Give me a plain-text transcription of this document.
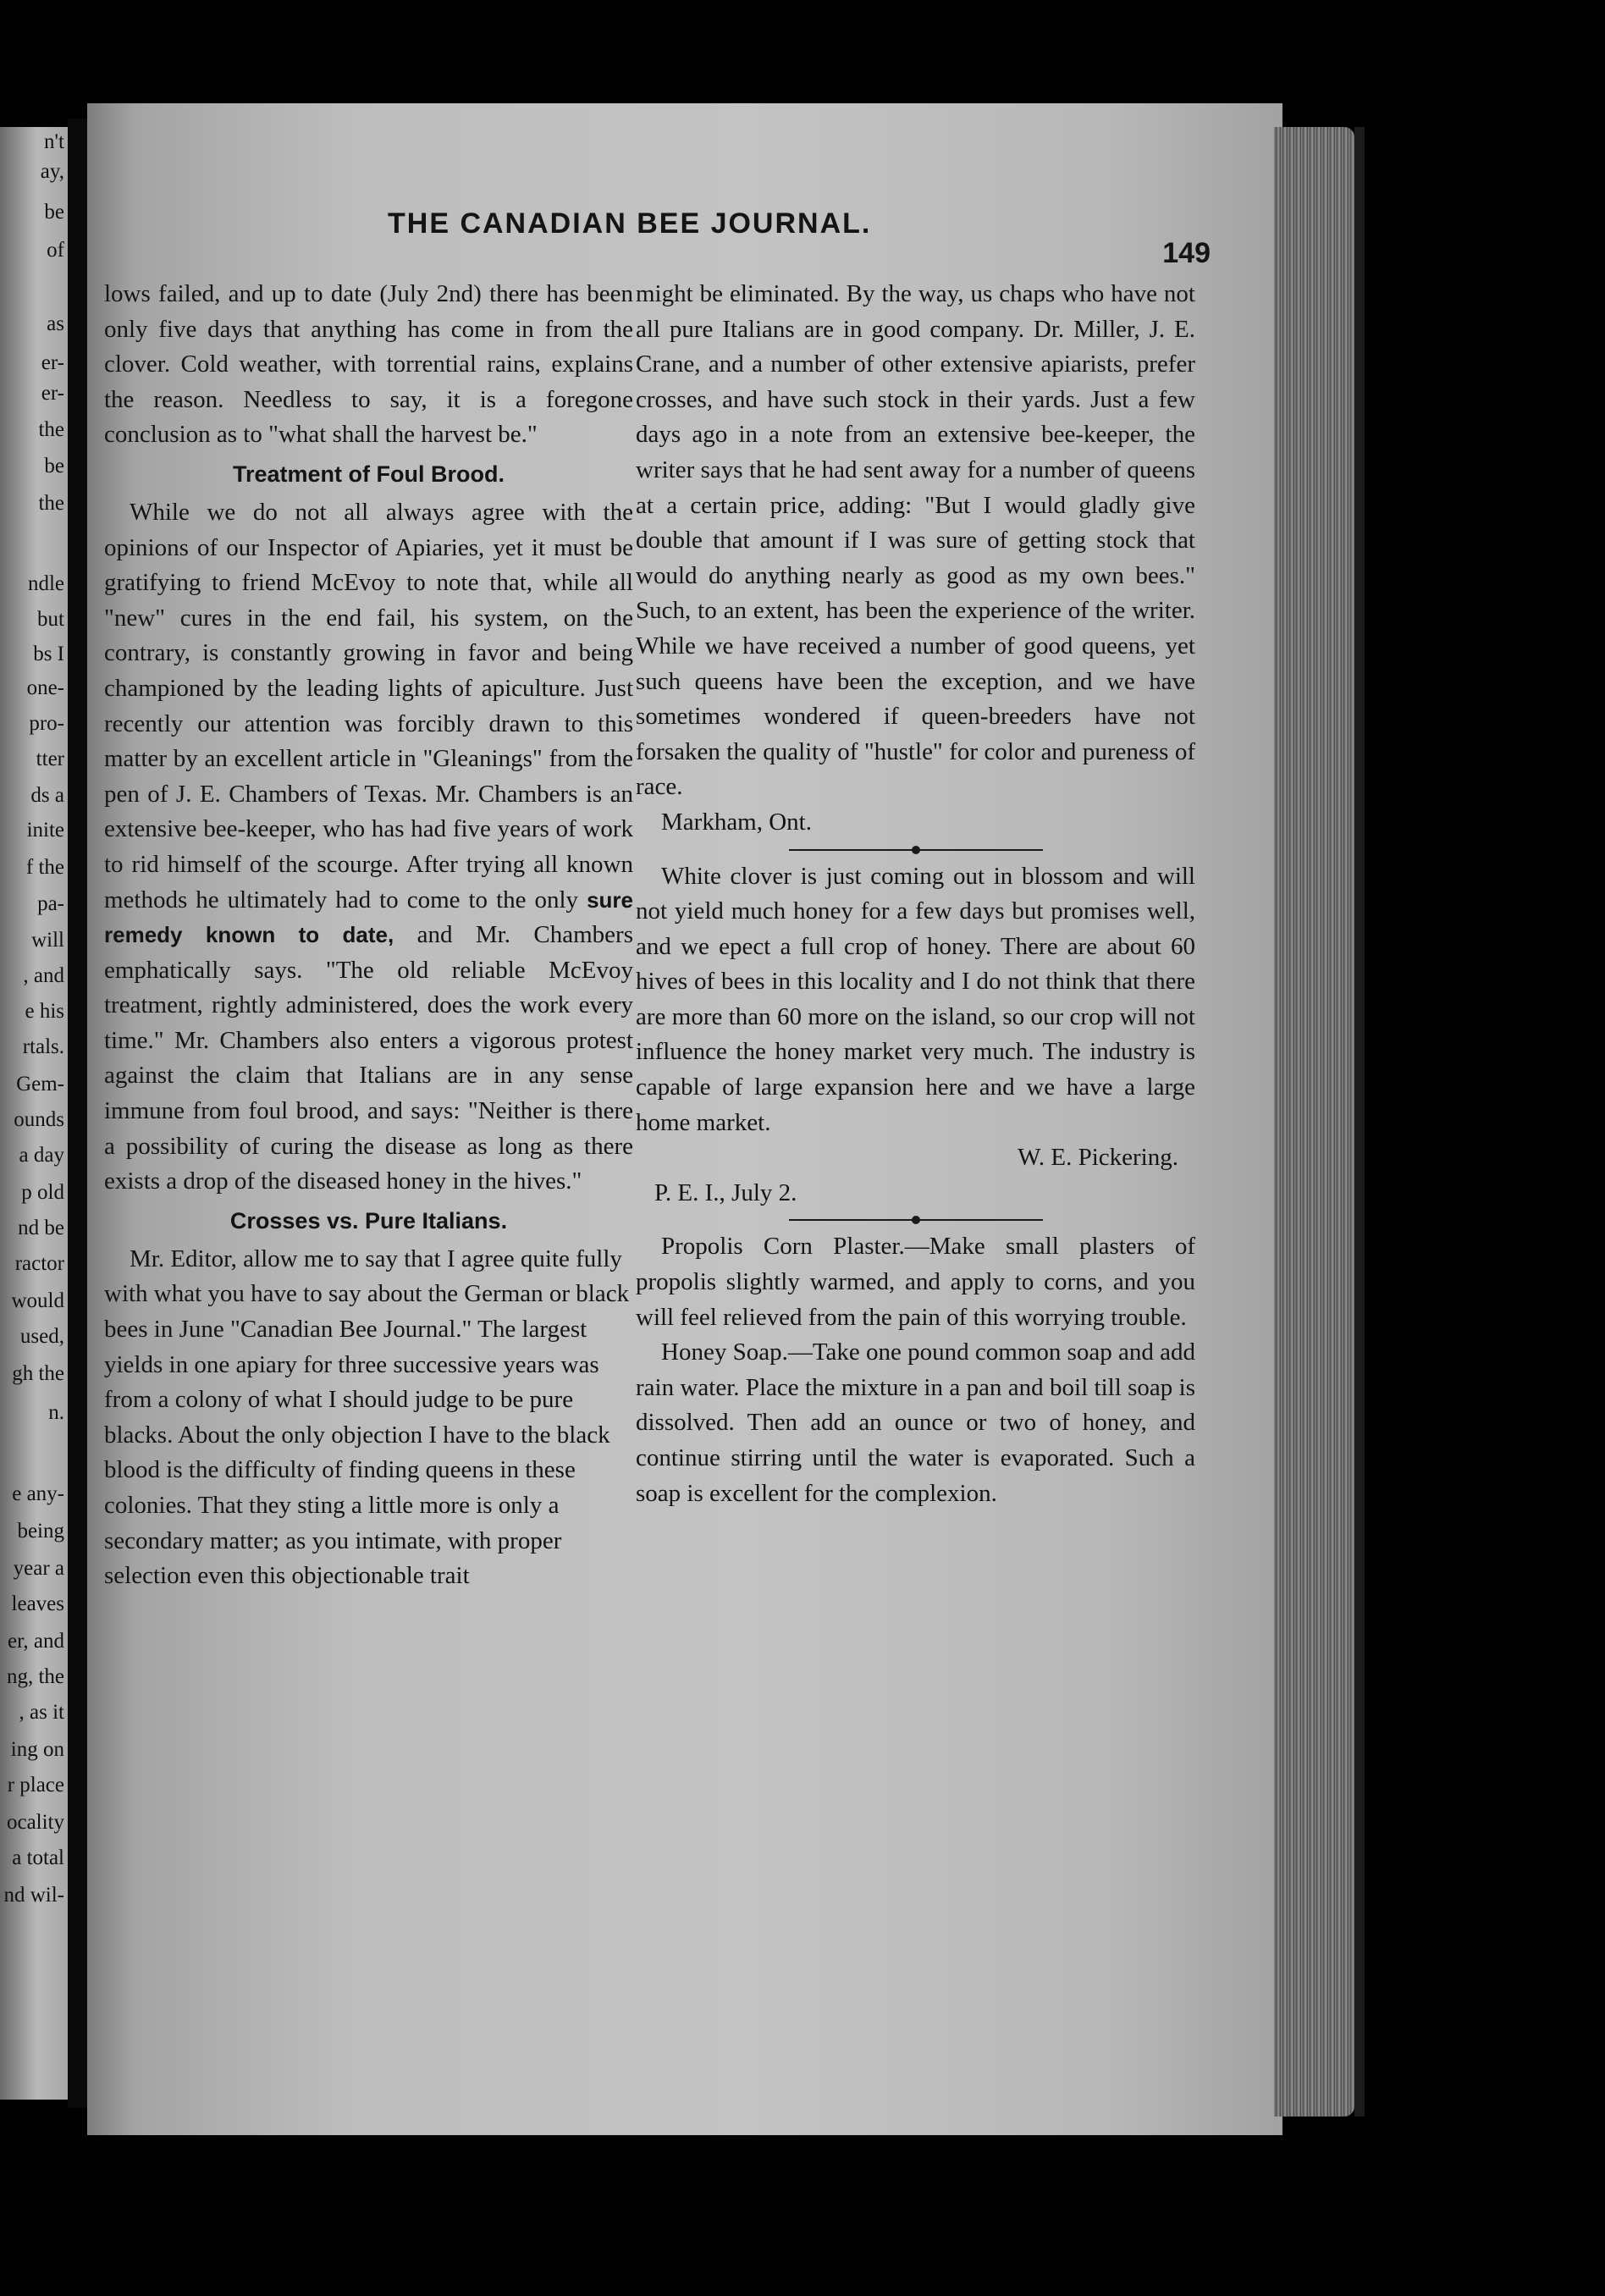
n't
ay,
be
of
as
er-
er-
the
be
the
ndle
but
bs I
one-
pro-
tter
ds a
inite
f the
pa-
will
, and
e his
rtals.
Gem-
ounds
a day
p old
nd be
ractor
would
used,
gh the
n.
e any-
being
year a
leaves
er, and
ng, the
, as it
ing on
r place
ocality
a total
nd wil-
THE CANADIAN BEE JOURNAL.
149

lows failed, and up to date (July 2nd) there has been only five days that anything has come in from the clover. Cold weather, with torrential rains, explains the reason. Needless to say, it is a foregone conclusion as to "what shall the harvest be."

Treatment of Foul Brood.

While we do not all always agree with the opinions of our Inspector of Apiaries, yet it must be gratifying to friend McEvoy to note that, while all "new" cures in the end fail, his system, on the contrary, is constantly growing in favor and being championed by the leading lights of apiculture. Just recently our attention was forcibly drawn to this matter by an excellent article in "Gleanings" from the pen of J. E. Chambers of Texas. Mr. Chambers is an extensive bee-keeper, who has had five years of work to rid himself of the scourge. After trying all known methods he ultimately had to come to the only sure remedy known to date, and Mr. Chambers emphatically says. "The old reliable McEvoy treatment, rightly administered, does the work every time." Mr. Chambers also enters a vigorous protest against the claim that Italians are in any sense immune from foul brood, and says: "Neither is there a possibility of curing the disease as long as there exists a drop of the diseased honey in the hives."

Crosses vs. Pure Italians.

Mr. Editor, allow me to say that I agree quite fully with what you have to say about the German or black bees in June "Canadian Bee Journal." The largest yields in one apiary for three successive years was from a colony of what I should judge to be pure blacks. About the only objection I have to the black blood is the difficulty of finding queens in these colonies. That they sting a little more is only a secondary matter; as you intimate, with proper selection even this objectionable trait

might be eliminated. By the way, us chaps who have not all pure Italians are in good company. Dr. Miller, J. E. Crane, and a number of other extensive apiarists, prefer crosses, and have such stock in their yards. Just a few days ago in a note from an extensive bee-keeper, the writer says that he had sent away for a number of queens at a certain price, adding: "But I would gladly give double that amount if I was sure of getting stock that would do anything nearly as good as my own bees." Such, to an extent, has been the experience of the writer. While we have received a number of good queens, yet such queens have been the exception, and we have sometimes wondered if queen-breeders have not forsaken the quality of "hustle" for color and pureness of race.

Markham, Ont.

White clover is just coming out in blossom and will not yield much honey for a few days but promises well, and we epect a full crop of honey. There are about 60 hives of bees in this locality and I do not think that there are more than 60 more on the island, so our crop will not influence the honey market very much. The industry is capable of large expansion here and we have a large home market.

W. E. Pickering.

P. E. I., July 2.

Propolis Corn Plaster.—Make small plasters of propolis slightly warmed, and apply to corns, and you will feel relieved from the pain of this worrying trouble.

Honey Soap.—Take one pound common soap and add rain water. Place the mixture in a pan and boil till soap is dissolved. Then add an ounce or two of honey, and continue stirring until the water is evaporated. Such a soap is excellent for the complexion.
